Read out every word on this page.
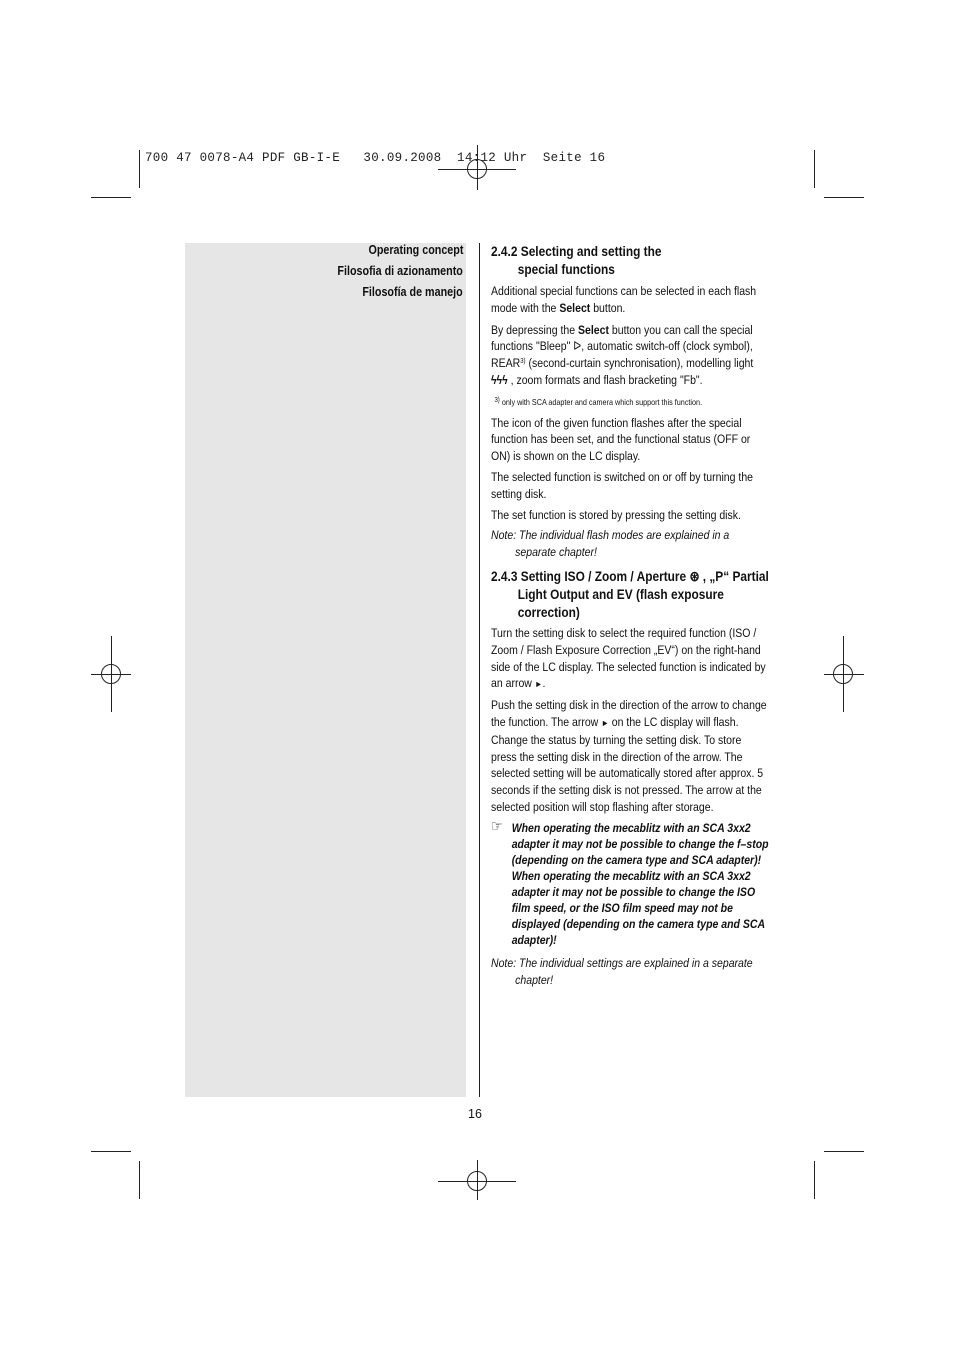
700 47 0078-A4 PDF GB-I-E   30.09.2008  14:12 Uhr  Seite 16
Operating concept
Filosofia di azionamento
Filosofía de manejo
2.4.2 Selecting and setting the
special functions

Additional special functions can be selected in each flash mode with the Select button.

By depressing the Select button you can call the special functions "Bleep" ᐅ, automatic switch-off (clock symbol), REAR$^{3)}$ (second-curtain synchronisation), modelling light ϟϟϟ , zoom formats and flash bracketing "Fb".

$^{3)}$ only with SCA adapter and camera which support this function.

The icon of the given function flashes after the special function has been set, and the functional status (OFF or ON) is shown on the LC display.

The selected function is switched on or off by turning the setting disk.

The set function is stored by pressing the setting disk.

Note: The individual flash modes are explained in a separate chapter!

2.4.3 Setting ISO / Zoom / Aperture ⊛ , „P“ Partial Light Output and EV (flash exposure correction)

Turn the setting disk to select the required function (ISO / Zoom / Flash Exposure Correction „EV“) on the right-hand side of the LC display. The selected function is indicated by an arrow ►.

Push the setting disk in the direction of the arrow to change the function. The arrow ► on the LC display will flash. Change the status by turning the setting disk. To store press the setting disk in the direction of the arrow. The selected setting will be automatically stored after approx. 5 seconds if the setting disk is not pressed. The arrow at the selected position will stop flashing after storage.

☞ When operating the mecablitz with an SCA 3xx2 adapter it may not be possible to change the f–stop (depending on the camera type and SCA adapter)!
When operating the mecablitz with an SCA 3xx2 adapter it may not be possible to change the ISO film speed, or the ISO film speed may not be displayed (depending on the camera type and SCA adapter)!

Note: The individual settings are explained in a separate chapter!

16
